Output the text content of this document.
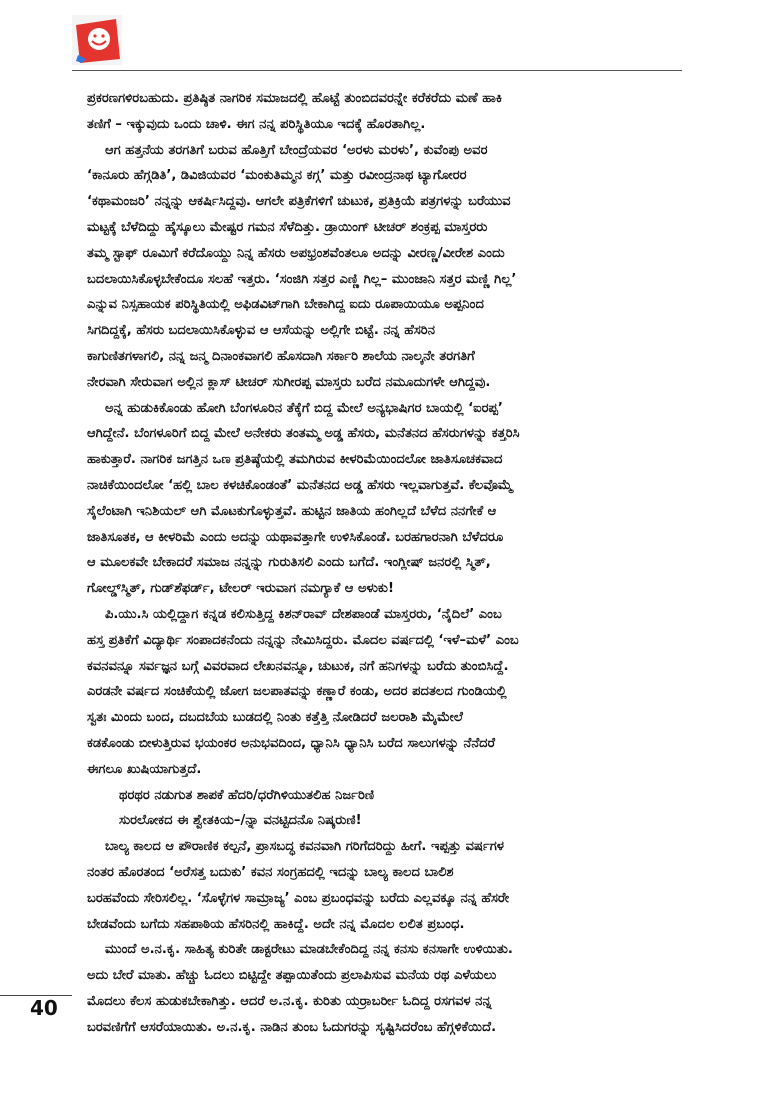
ಪ್ರಕರಣಗಳಿರಬಹುದು. ಪ್ರತಿಷ್ಠಿತ ನಾಗರಿಕ ಸಮಾಜದಲ್ಲಿ ಹೊಟ್ಟೆ ತುಂಬಿದವರನ್ನೇ ಕರೆಕರೆದು ಮಣೆ ಹಾಕಿ
ತಣಿಗೆ – ಇಕ್ಕುವುದು ಒಂದು ಚಾಳಿ. ಈಗ ನನ್ನ ಪರಿಸ್ಥಿತಿಯೂ ಇದಕ್ಕೆ ಹೊರತಾಗಿಲ್ಲ.

ಆಗ ಹತ್ತನೆಯ ತರಗತಿಗೆ ಬರುವ ಹೊತ್ತಿಗೆ ಬೇಂದ್ರೆಯವರ ‘ಅರಳು ಮರಳು’, ಕುವೆಂಪು ಅವರ
‘ಕಾನೂರು ಹೆಗ್ಗಡಿತಿ’, ಡಿವಿಜಿಯವರ ‘ಮಂಕುತಿಮ್ಮನ ಕಗ್ಗ’ ಮತ್ತು ರವೀಂದ್ರನಾಥ ಟ್ಯಾಗೋರರ
‘ಕಥಾಮಂಜರಿ’ ನನ್ನನ್ನು ಆಕರ್ಷಿಸಿದ್ದವು. ಆಗಲೇ ಪತ್ರಿಕೆಗಳಿಗೆ ಚುಟುಕ, ಪ್ರತಿಕ್ರಿಯೆ ಪತ್ರಗಳನ್ನು ಬರೆಯುವ
ಮಟ್ಟಕ್ಕೆ ಬೆಳೆದಿದ್ದು ಹೈಸ್ಕೂಲು ಮೇಷ್ಟರ ಗಮನ ಸೆಳೆದಿತ್ತು. ಡ್ರಾಯಿಂಗ್ ಟೀಚರ್ ಶಂಕ್ರಪ್ಪ ಮಾಸ್ತರರು
ತಮ್ಮ ಸ್ಟಾಫ್ ರೂಮಿಗೆ ಕರೆದೊಯ್ದು ನಿನ್ನ ಹೆಸರು ಅಪಭ್ರಂಶವೆಂತಲೂ ಅದನ್ನು ವೀರಣ್ಣ/ವೀರೇಶ ಎಂದು
ಬದಲಾಯಿಸಿಕೊಳ್ಳಬೇಕೆಂದೂ ಸಲಹೆ ಇತ್ತರು. ‘ಸಂಜಿಗಿ ಸತ್ತರ ಎಣ್ಣಿ ಗಿಲ್ಲ– ಮುಂಜಾನಿ ಸತ್ತರ ಮಣ್ಣಿ ಗಿಲ್ಲ’
ಎನ್ನುವ ನಿಸ್ಸಹಾಯಕ ಪರಿಸ್ಥಿತಿಯಲ್ಲಿ ಅಫಿಡವಿಟ್‌ಗಾಗಿ ಬೇಕಾಗಿದ್ದ ಐದು ರೂಪಾಯಿಯೂ ಅಪ್ಪನಿಂದ
ಸಿಗದಿದ್ದಕ್ಕೆ, ಹೆಸರು ಬದಲಾಯಿಸಿಕೊಳ್ಳುವ ಆ ಆಸೆಯನ್ನು ಅಲ್ಲಿಗೇ ಬಿಟ್ಟೆ. ನನ್ನ ಹೆಸರಿನ
ಕಾಗುಣಿತಗಳಾಗಲಿ, ನನ್ನ ಜನ್ಮ ದಿನಾಂಕವಾಗಲಿ ಹೊಸದಾಗಿ ಸರ್ಕಾರಿ ಶಾಲೆಯ ನಾಲ್ಕನೇ ತರಗತಿಗೆ
ನೇರವಾಗಿ ಸೇರುವಾಗ ಅಲ್ಲಿನ ಕ್ಲಾಸ್ ಟೀಚರ್ ಸುಗೀರಪ್ಪ ಮಾಸ್ತರು ಬರೆದ ನಮೂದುಗಳೇ ಆಗಿದ್ದವು.

ಅನ್ನ ಹುಡುಕಿಕೊಂಡು ಹೋಗಿ ಬೆಂಗಳೂರಿನ ತೆಕ್ಕೆಗೆ ಬಿದ್ದ ಮೇಲೆ ಅನ್ಯಭಾಷಿಗರ ಬಾಯಲ್ಲಿ ‘ಐರಪ್ಪ’
ಆಗಿದ್ದೇನೆ. ಬೆಂಗಳೂರಿಗೆ ಬಿದ್ದ ಮೇಲೆ ಅನೇಕರು ತಂತಮ್ಮ ಅಡ್ಡ ಹೆಸರು, ಮನೆತನದ ಹೆಸರುಗಳನ್ನು ಕತ್ತರಿಸಿ
ಹಾಕುತ್ತಾರೆ. ನಾಗರಿಕ ಜಗತ್ತಿನ ಒಣ ಪ್ರತಿಷ್ಠೆಯಲ್ಲಿ ತಮಗಿರುವ ಕೀಳರಿಮೆಯಿಂದಲೋ ಜಾತಿಸೂಚಕವಾದ
ನಾಚಿಕೆಯಿಂದಲೋ ‘ಹಲ್ಲಿ ಬಾಲ ಕಳಚಿಕೊಂಡಂತೆ’ ಮನೆತನದ ಅಡ್ಡ ಹೆಸರು ಇಲ್ಲವಾಗುತ್ತವೆ. ಕೆಲವೊಮ್ಮೆ
ಸೈಲೆಂಟಾಗಿ ಇನಿಶಿಯಲ್ ಆಗಿ ಮೊಟಕುಗೊಳ್ಳುತ್ತವೆ. ಹುಟ್ಟಿನ ಜಾತಿಯ ಹಂಗಿಲ್ಲದೆ ಬೆಳೆದ ನನಗೇಕೆ ಆ
ಜಾತಿಸೂತಕ, ಆ ಕೀಳರಿಮೆ ಎಂದು ಅದನ್ನು ಯಥಾವತ್ತಾಗೇ ಉಳಿಸಿಕೊಂಡೆ. ಬರಹಗಾರನಾಗಿ ಬೆಳೆದರೂ
ಆ ಮೂಲಕವೇ ಬೇಕಾದರೆ ಸಮಾಜ ನನ್ನನ್ನು ಗುರುತಿಸಲಿ ಎಂದು ಬಗೆದೆ. ಇಂಗ್ಲೀಷ್ ಜನರಲ್ಲಿ ಸ್ಮಿತ್,
ಗೋಲ್ಡ್‌ಸ್ಮಿತ್, ಗುಡ್‌ಶೆಫರ್ಡ್, ಟೇಲರ್ ಇರುವಾಗ ನಮಗ್ಯಾಕೆ ಆ ಅಳುಕು!

ಪಿ.ಯು.ಸಿ ಯಲ್ಲಿದ್ದಾಗ ಕನ್ನಡ ಕಲಿಸುತ್ತಿದ್ದ ಕಿಶನ್‌ರಾವ್ ದೇಶಪಾಂಡೆ ಮಾಸ್ತರರು, ‘ನೈದಿಲೆ’ ಎಂಬ
ಹಸ್ತ ಪ್ರತಿಕೆಗೆ ವಿದ್ಯಾರ್ಥಿ ಸಂಪಾದಕನೆಂದು ನನ್ನನ್ನು ನೇಮಿಸಿದ್ದರು. ಮೊದಲ ವರ್ಷದಲ್ಲಿ ‘ಇಳೆ–ಮಳೆ’ ಎಂಬ
ಕವನವನ್ನೂ ಸರ್ವಜ್ಞನ ಬಗ್ಗೆ ವಿವರವಾದ ಲೇಖನವನ್ನೂ, ಚುಟುಕ, ನಗೆ ಹನಿಗಳನ್ನು ಬರೆದು ತುಂಬಿಸಿದ್ದೆ.
ಎರಡನೇ ವರ್ಷದ ಸಂಚಿಕೆಯಲ್ಲಿ ಜೋಗ ಜಲಪಾತವನ್ನು ಕಣ್ಣಾರೆ ಕಂಡು, ಅದರ ಪದತಲದ ಗುಂಡಿಯಲ್ಲಿ
ಸ್ವತಃ ಮಿಂದು ಬಂದ, ದಬದಬೆಯ ಬುಡದಲ್ಲಿ ನಿಂತು ಕತ್ತೆತ್ತಿ ನೋಡಿದರೆ ಜಲರಾಶಿ ಮೈಮೇಲೆ
ಕಡಕೊಂಡು ಬೀಳುತ್ತಿರುವ ಭಯಂಕರ ಅನುಭವದಿಂದ, ಧ್ಯಾನಿಸಿ ಧ್ಯಾನಿಸಿ ಬರೆದ ಸಾಲುಗಳನ್ನು ನೆನೆದರೆ
ಈಗಲೂ ಖುಷಿಯಾಗುತ್ತದೆ.

ಥರಥರ ನಡುಗುತ ಶಾಪಕೆ ಹೆದರಿ/ಧರೆಗಿಳಿಯುತಲಿಹ ನಿರ್ಜರಿಣಿ
ಸುರಲೋಕದ ಈ ಶ್ವೇತಕಿಯ–/ನ್ನಾ ವನಟ್ಟಿದನೊ ನಿಷ್ಕರುಣಿ!

ಬಾಲ್ಯ ಕಾಲದ ಆ ಪೌರಾಣಿಕ ಕಲ್ಪನೆ, ಪ್ರಾಸಬದ್ಧ ಕವನವಾಗಿ ಗರಿಗೆದರಿದ್ದು ಹೀಗೆ. ಇಪ್ಪತ್ತು ವರ್ಷಗಳ
ನಂತರ ಹೊರತಂದ ‘ಅರೆಸತ್ತ ಬದುಕು’ ಕವನ ಸಂಗ್ರಹದಲ್ಲಿ ಇದನ್ನು ಬಾಲ್ಯ ಕಾಲದ ಬಾಲಿಶ
ಬರಹವೆಂದು ಸೇರಿಸಲಿಲ್ಲ. ‘ಸೊಳ್ಳೆಗಳ ಸಾಮ್ರಾಜ್ಯ’ ಎಂಬ ಪ್ರಬಂಧವನ್ನು ಬರೆದು ಎಲ್ಲವಕ್ಕೂ ನನ್ನ ಹೆಸರೇ
ಬೇಡವೆಂದು ಬಗೆದು ಸಹಪಾಠಿಯ ಹೆಸರಿನಲ್ಲಿ ಹಾಕಿದ್ದೆ. ಅದೇ ನನ್ನ ಮೊದಲ ಲಲಿತ ಪ್ರಬಂಧ.

ಮುಂದೆ ಅ.ನ.ಕೃ. ಸಾಹಿತ್ಯ ಕುರಿತೇ ಡಾಕ್ಟರೇಟು ಮಾಡಬೇಕೆಂದಿದ್ದ ನನ್ನ ಕನಸು ಕನಸಾಗೇ ಉಳಿಯಿತು.
ಅದು ಬೇರೆ ಮಾತು. ಹೆಚ್ಚು ಓದಲು ಬಿಟ್ಟಿದ್ದೇ ತಪ್ಪಾಯಿತೆಂದು ಪ್ರಲಾಪಿಸುವ ಮನೆಯ ರಥ ಎಳೆಯಲು
ಮೊದಲು ಕೆಲಸ ಹುಡುಕಬೇಕಾಗಿತ್ತು. ಆದರೆ ಅ.ನ.ಕೃ. ಕುರಿತು ಯರ್ರಾಬರ್ರೀ ಓದಿದ್ದ ರಸಗವಳ ನನ್ನ
ಬರವಣಿಗೆಗೆ ಆಸರೆಯಾಯಿತು. ಅ.ನ.ಕೃ. ನಾಡಿನ ತುಂಬ ಓದುಗರನ್ನು ಸೃಷ್ಟಿಸಿದರೆಂಬ ಹೆಗ್ಗಳಿಕೆಯಿದೆ.

40
